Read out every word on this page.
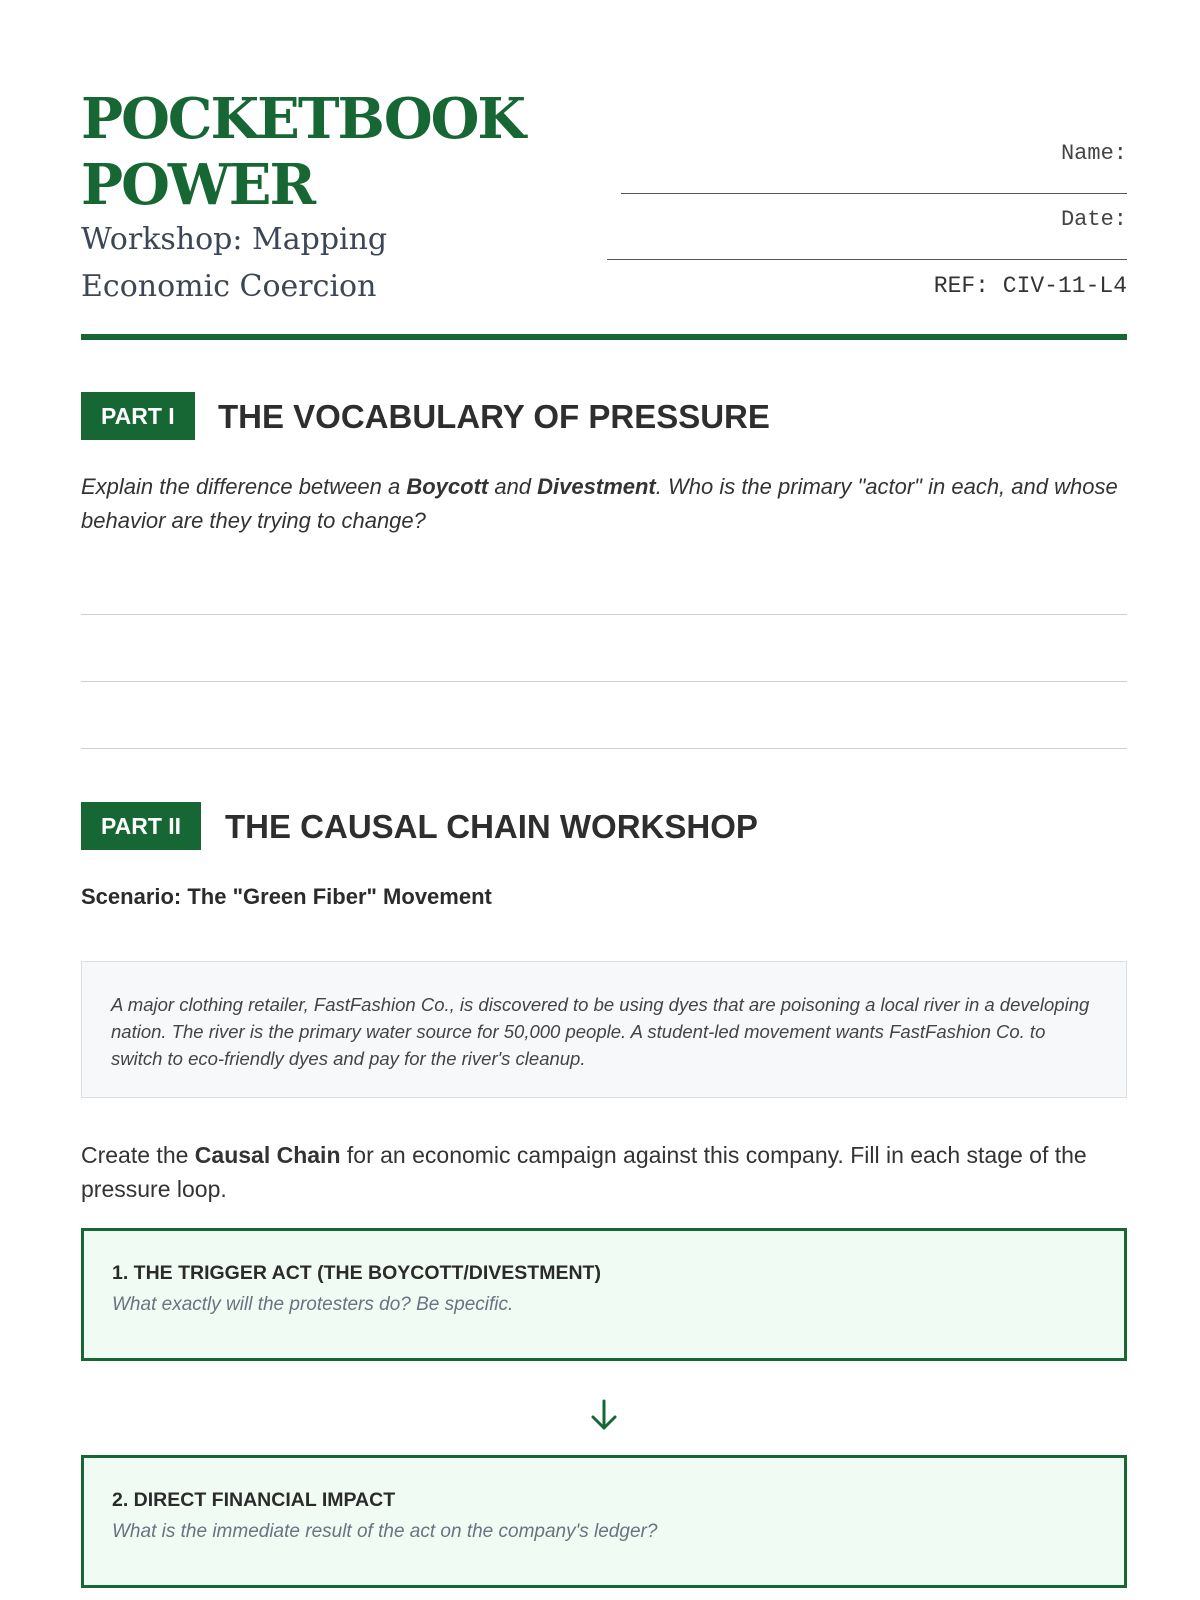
POCKETBOOK
POWER
Workshop: Mapping Economic Coercion
Name:
Date:
REF: CIV-11-L4
PART I	THE VOCABULARY OF PRESSURE
Explain the difference between a Boycott and Divestment. Who is the primary "actor" in each, and whose behavior are they trying to change?
PART II	THE CAUSAL CHAIN WORKSHOP
Scenario: The "Green Fiber" Movement
A major clothing retailer, FastFashion Co., is discovered to be using dyes that are poisoning a local river in a developing nation. The river is the primary water source for 50,000 people. A student-led movement wants FastFashion Co. to switch to eco-friendly dyes and pay for the river's cleanup.
Create the Causal Chain for an economic campaign against this company. Fill in each stage of the pressure loop.
1. THE TRIGGER ACT (THE BOYCOTT/DIVESTMENT)
What exactly will the protesters do? Be specific.
2. DIRECT FINANCIAL IMPACT
What is the immediate result of the act on the company's ledger?
